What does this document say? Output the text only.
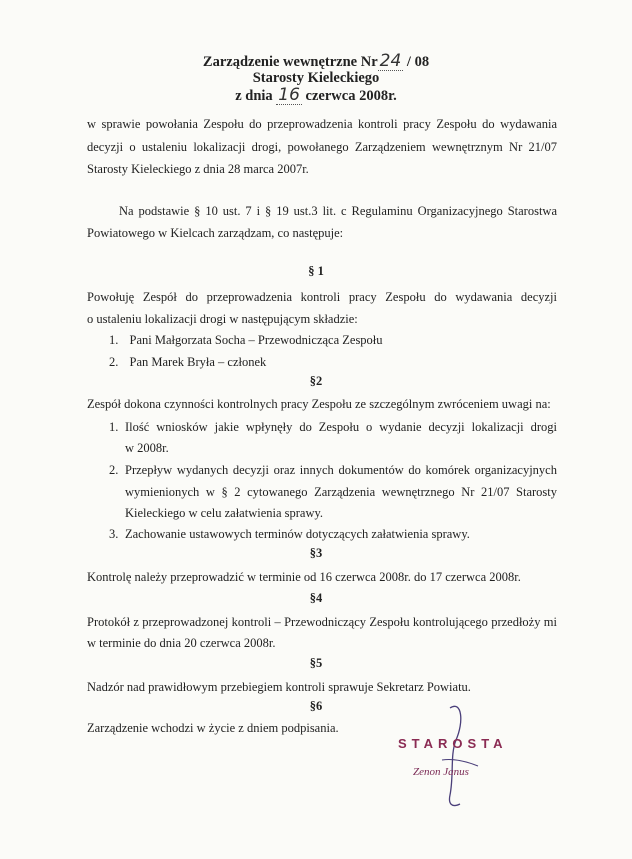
Zarządzenie wewnętrzne Nr 24 / 08
Starosty Kieleckiego
z dnia 16 czerwca 2008r.
w sprawie powołania Zespołu do przeprowadzenia kontroli pracy Zespołu do wydawania
decyzji o ustaleniu lokalizacji drogi, powołanego Zarządzeniem wewnętrznym Nr 21/07
Starosty Kieleckiego z dnia 28 marca 2007r.
Na podstawie § 10 ust. 7 i § 19 ust.3 lit. c Regulaminu Organizacyjnego Starostwa
Powiatowego w Kielcach zarządzam, co następuje:
§ 1
Powołuję Zespół do przeprowadzenia kontroli pracy Zespołu do wydawania decyzji
o ustaleniu lokalizacji drogi w następującym składzie:
1. Pani Małgorzata Socha – Przewodnicząca Zespołu
2. Pan Marek Bryła – członek
§2
Zespół dokona czynności kontrolnych pracy Zespołu ze szczególnym zwróceniem uwagi na:
1. Ilość wniosków jakie wpłynęły do Zespołu o wydanie decyzji lokalizacji drogi
w 2008r.
2. Przepływ wydanych decyzji oraz innych dokumentów do komórek organizacyjnych
wymienionych w § 2 cytowanego Zarządzenia wewnętrznego Nr 21/07 Starosty
Kieleckiego w celu załatwienia sprawy.
3. Zachowanie ustawowych terminów dotyczących załatwienia sprawy.
§3
Kontrolę należy przeprowadzić w terminie od 16 czerwca 2008r. do 17 czerwca 2008r.
§4
Protokół z przeprowadzonej kontroli – Przewodniczący Zespołu kontrolującego przedłoży mi
w terminie do dnia 20 czerwca 2008r.
§5
Nadzór nad prawidłowym przebiegiem kontroli sprawuje Sekretarz Powiatu.
§6
Zarządzenie wchodzi w życie z dniem podpisania.
STAROSTA
Zenon Janus
